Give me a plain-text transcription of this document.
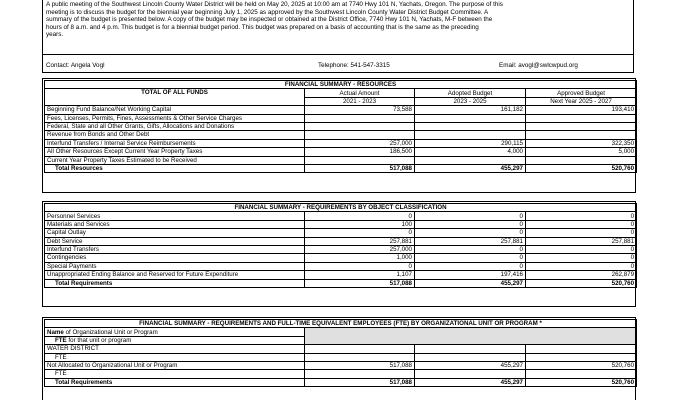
A public meeting of the Southwest Lincoln County Water District will be held on May 20, 2025 at 10:00 am at 7740 Hwy 101 N, Yachats, Oregon. The purpose of this

meeting is to discuss the budget for the biennial year beginning July 1, 2025 as approved by the Southwest Lincoln County Water District Budget Committee. A

summary of the budget is presented below. A copy of the budget may be inspected or obtained at the District Office, 7740 Hwy 101 N, Yachats, M-F between the

hours of 8 a.m. and 4 p.m. This budget is for a biennial budget period. This budget was prepared on a basis of accounting that is the same as the preceding

years.

Contact: Angela Vogl	Telephone: 541-547-3315	Email: avogl@swlcwpud.org
FINANCIAL SUMMARY - RESOURCES			
TOTAL OF ALL FUNDS	Actual Amount	Adopted Budget	Approved Budget
	2021 - 2023	2023 - 2025	Next Year 2025 - 2027
Beginning Fund Balance/Net Working Capital	73,588	161,182	193,410
Fees, Licenses, Permits, Fines, Assessments & Other Service Charges			
Federal, State and all Other Grants, Gifts, Allocations and Donations			
Revenue from Bonds and Other Debt			
Interfund Transfers / Internal Service Reimbursements	257,000	290,115	322,350
All Other Resources Except Current Year Property Taxes	186,500	4,000	5,000
Current Year Property Taxes Estimated to be Received			
Total Resources	517,088	455,297	520,760
FINANCIAL SUMMARY - REQUIREMENTS BY OBJECT CLASSIFICATION			
Personnel Services	0	0	0
Materials and Services	100	0	0
Capital Outlay	0	0	0
Debt Service	257,881	257,881	257,881
Interfund Transfers	257,000	0	0
Contingencies	1,000	0	0
Special Payments	0	0	0
Unappropriated Ending Balance and Reserved for Future Expenditure	1,107	197,416	262,879
Total Requirements	517,088	455,297	520,760
FINANCIAL SUMMARY - REQUIREMENTS AND FULL-TIME EQUIVALENT EMPLOYEES (FTE) BY ORGANIZATIONAL UNIT OR PROGRAM *			
Name of Organizational Unit or Program			
FTE for that unit or program			
WATER DISTRICT			
FTE			
Not Allocated to Organizational Unit or Program	517,088	455,297	520,760
FTE			
Total Requirements	517,088	455,297	520,760
